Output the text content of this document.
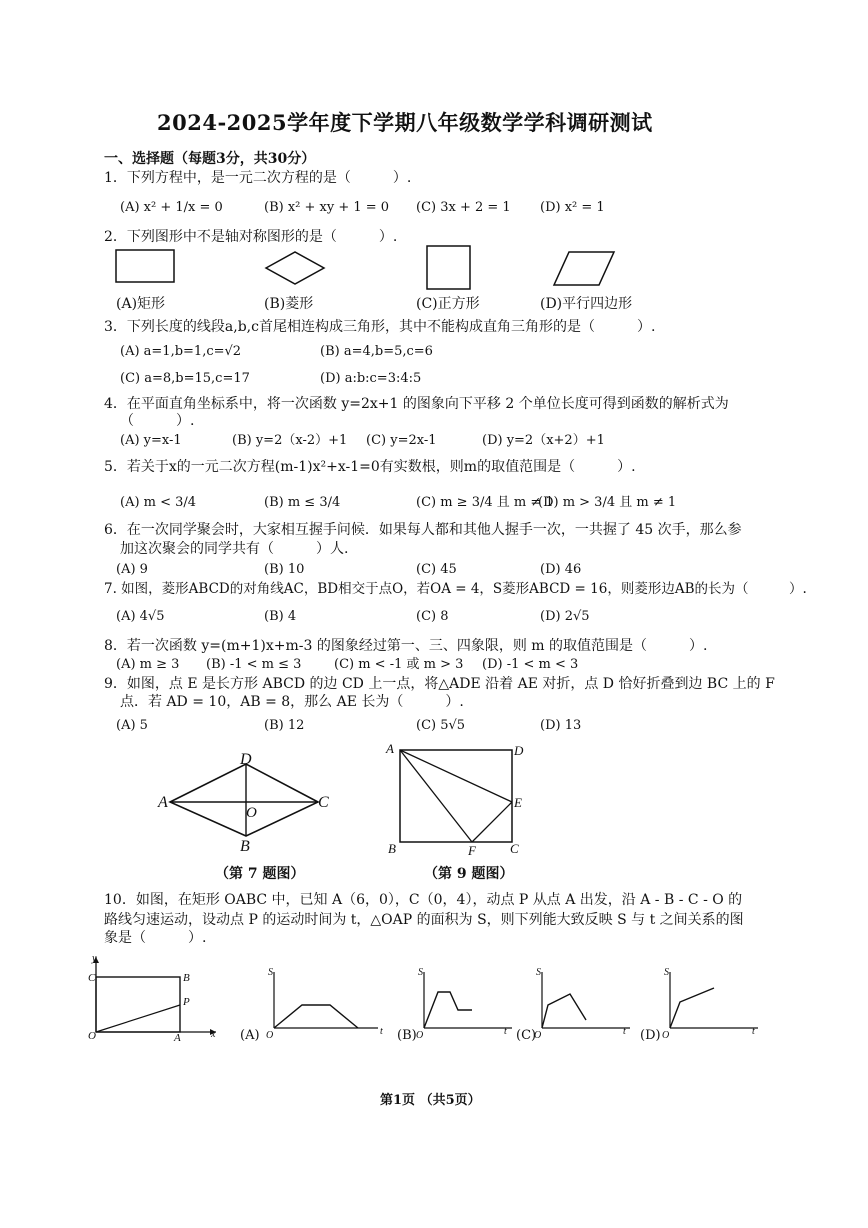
2024-2025学年度下学期八年级数学学科调研测试
一、选择题（每题3分，共30分）
1．下列方程中，是一元二次方程的是（　　　）.
(A) x² + 1/x = 0	(B) x² + xy + 1 = 0 (C) 3x + 2 = 1 (D) x² = 1
2．下列图形中不是轴对称图形的是（　　　）.
(A)矩形	(B)菱形	(C)正方形	(D)平行四边形
3．下列长度的线段a,b,c首尾相连构成三角形，其中不能构成直角三角形的是（　　　）.
(A) a=1,b=1,c=√2	(B) a=4,b=5,c=6
(C) a=8,b=15,c=17	(D) a:b:c=3:4:5
4．在平面直角坐标系中，将一次函数 y=2x+1 的图象向下平移 2 个单位长度可得到函数的解析式为
（　　　）.
(A) y=x-1	(B) y=2（x-2）+1 (C) y=2x-1	(D) y=2（x+2）+1
5．若关于x的一元二次方程(m-1)x²+x-1=0有实数根，则m的取值范围是（　　　）.
(A) m < 3/4	(B) m ≤ 3/4	(C) m ≥ 3/4 且 m ≠ 1
(D) m > 3/4 且 m ≠ 1
6．在一次同学聚会时，大家相互握手问候．如果每人都和其他人握手一次，一共握了 45 次手，那么参
加这次聚会的同学共有（　　　）人.
(A) 9	(B) 10	(C) 45	(D) 46
7. 如图，菱形ABCD的对角线AC，BD相交于点O，若OA = 4，S菱形ABCD = 16，则菱形边AB的长为（　　　）.
(A) 4√5	(B) 4	(C) 8	(D) 2√5
8．若一次函数 y=(m+1)x+m-3 的图象经过第一、三、四象限，则 m 的取值范围是（　　　）.
(A) m ≥ 3 (B) -1 < m ≤ 3	(C) m < -1 或 m > 3 (D) -1 < m < 3
9．如图，点 E 是长方形 ABCD 的边 CD 上一点，将△ADE 沿着 AE 对折，点 D 恰好折叠到边 BC 上的 F
点．若 AD = 10，AB = 8，那么 AE 长为（　　　）.
(A) 5	(B) 12	(C) 5√5	(D) 13
A
B
C
D
O
（第 7 题图）
A
B	C
D
E
F
（第 9 题图）
10．如图，在矩形 OABC 中，已知 A（6，0），C（0，4），动点 P 从点 A 出发，沿 A - B - C - O 的
路线匀速运动，设动点 P 的运动时间为 t，△OAP 的面积为 S，则下列能大致反映 S 与 t 之间关系的图
象是（　　　）.
y
x
C	B
P
O	A	(A)
S
t
O	(B)
S
t
O	(C)
S
t
O	(D)
S
t
O
第1页 （共5页）
